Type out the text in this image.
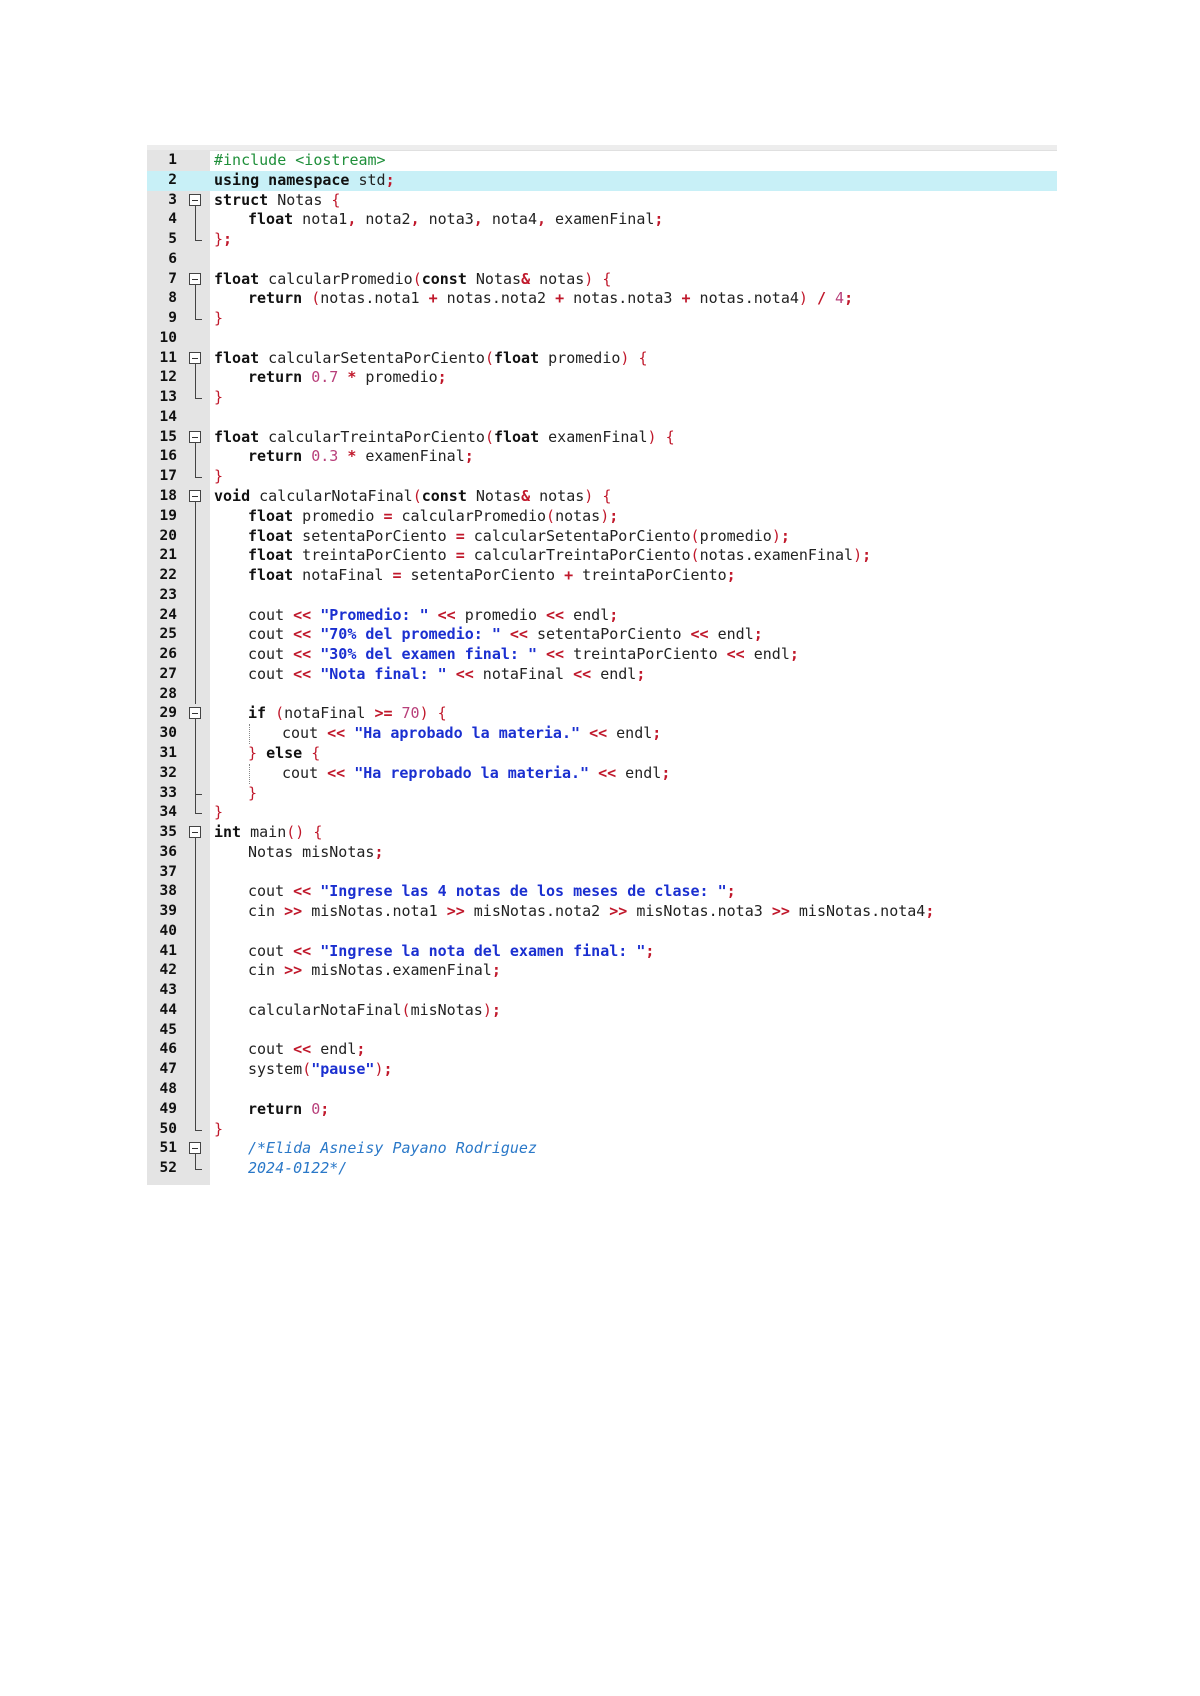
1 #include <iostream>
2 using namespace std;
3 struct Notas {
4	float nota1, nota2, nota3, nota4, examenFinal;
5 };
6
7 float calcularPromedio(const Notas& notas) {
8	return (notas.nota1 + notas.nota2 + notas.nota3 + notas.nota4) / 4;
9 }
10
11 float calcularSetentaPorCiento(float promedio) {
12	return 0.7 * promedio;
13 }
14
15 float calcularTreintaPorCiento(float examenFinal) {
16	return 0.3 * examenFinal;
17 }
18 void calcularNotaFinal(const Notas& notas) {
19	float promedio = calcularPromedio(notas);
20	float setentaPorCiento = calcularSetentaPorCiento(promedio);
21	float treintaPorCiento = calcularTreintaPorCiento(notas.examenFinal);
22	float notaFinal = setentaPorCiento + treintaPorCiento;
23
24	cout << "Promedio: " << promedio << endl;
25	cout << "70% del promedio: " << setentaPorCiento << endl;
26	cout << "30% del examen final: " << treintaPorCiento << endl;
27	cout << "Nota final: " << notaFinal << endl;
28
29	if (notaFinal >= 70) {
30	cout << "Ha aprobado la materia." << endl;
31	} else {
32	cout << "Ha reprobado la materia." << endl;
33	}
34 }
35 int main() {
36	Notas misNotas;
37
38	cout << "Ingrese las 4 notas de los meses de clase: ";
39	cin >> misNotas.nota1 >> misNotas.nota2 >> misNotas.nota3 >> misNotas.nota4;
40
41	cout << "Ingrese la nota del examen final: ";
42	cin >> misNotas.examenFinal;
43
44	calcularNotaFinal(misNotas);
45
46	cout << endl;
47	system("pause");
48
49	return 0;
50 }
51	/*Elida Asneisy Payano Rodriguez
52	2024-0122*/
